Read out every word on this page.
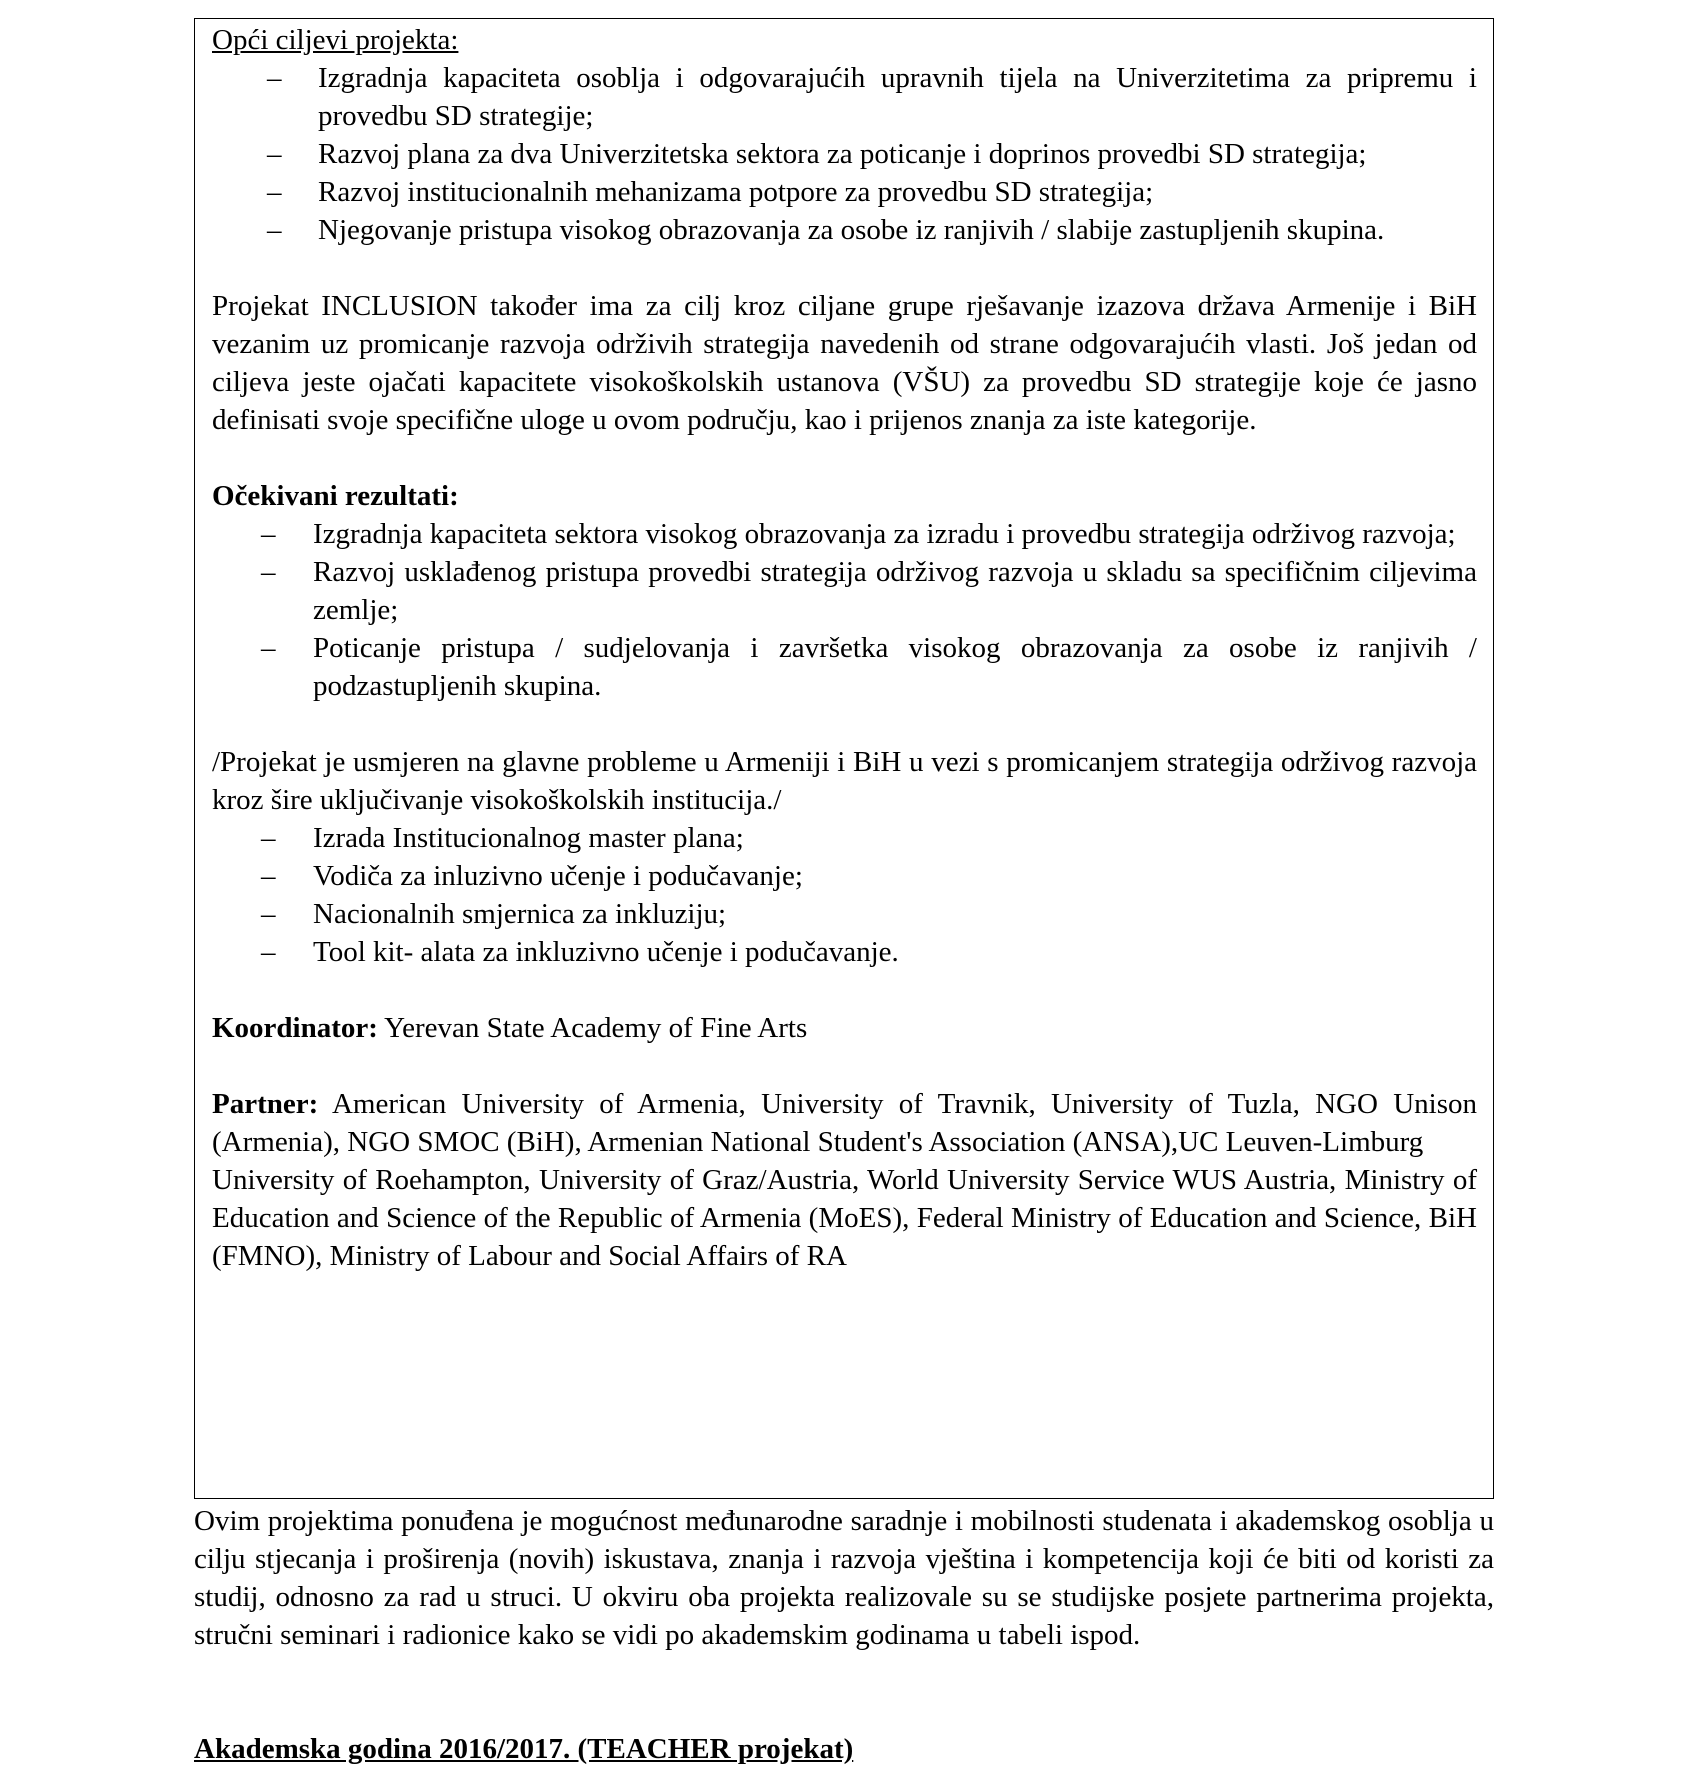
Opći ciljevi projekta:

– Izgradnja kapaciteta osoblja i odgovarajućih upravnih tijela na Univerzitetima za pripremu i provedbu SD strategije;
– Razvoj plana za dva Univerzitetska sektora za poticanje i doprinos provedbi SD strategija;
– Razvoj institucionalnih mehanizama potpore za provedbu SD strategija;
– Njegovanje pristupa visokog obrazovanja za osobe iz ranjivih / slabije zastupljenih skupina.

Projekat INCLUSION također ima za cilj kroz ciljane grupe rješavanje izazova država Armenije i BiH vezanim uz promicanje razvoja održivih strategija navedenih od strane odgovarajućih vlasti. Još jedan od ciljeva jeste ojačati kapacitete visokoškolskih ustanova (VŠU) za provedbu SD strategije koje će jasno definisati svoje specifične uloge u ovom području, kao i prijenos znanja za iste kategorije.

Očekivani rezultati:

– Izgradnja kapaciteta sektora visokog obrazovanja za izradu i provedbu strategija održivog razvoja;
– Razvoj usklađenog pristupa provedbi strategija održivog razvoja u skladu sa specifičnim ciljevima zemlje;
– Poticanje pristupa / sudjelovanja i završetka visokog obrazovanja za osobe iz ranjivih / podzastupljenih skupina.

/Projekat je usmjeren na glavne probleme u Armeniji i BiH u vezi s promicanjem strategija održivog razvoja kroz šire uključivanje visokoškolskih institucija./

– Izrada Institucionalnog master plana;
– Vodiča za inluzivno učenje i podučavanje;
– Nacionalnih smjernica za inkluziju;
– Tool kit- alata za inkluzivno učenje i podučavanje.

Koordinator: Yerevan State Academy of Fine Arts

Partner: American University of Armenia, University of Travnik, University of Tuzla, NGO Unison (Armenia), NGO SMOC (BiH), Armenian National Student's Association (ANSA),UC Leuven-Limburg

University of Roehampton, University of Graz/Austria, World University Service WUS Austria, Ministry of Education and Science of the Republic of Armenia (MoES), Federal Ministry of Education and Science, BiH (FMNO), Ministry of Labour and Social Affairs of RA

Ovim projektima ponuđena je mogućnost međunarodne saradnje i mobilnosti studenata i akademskog osoblja u cilju stjecanja i proširenja (novih) iskustava, znanja i razvoja vještina i kompetencija koji će biti od koristi za studij, odnosno za rad u struci. U okviru oba projekta realizovale su se studijske posjete partnerima projekta, stručni seminari i radionice kako se vidi po akademskim godinama u tabeli ispod.

Akademska godina 2016/2017. (TEACHER projekat)
